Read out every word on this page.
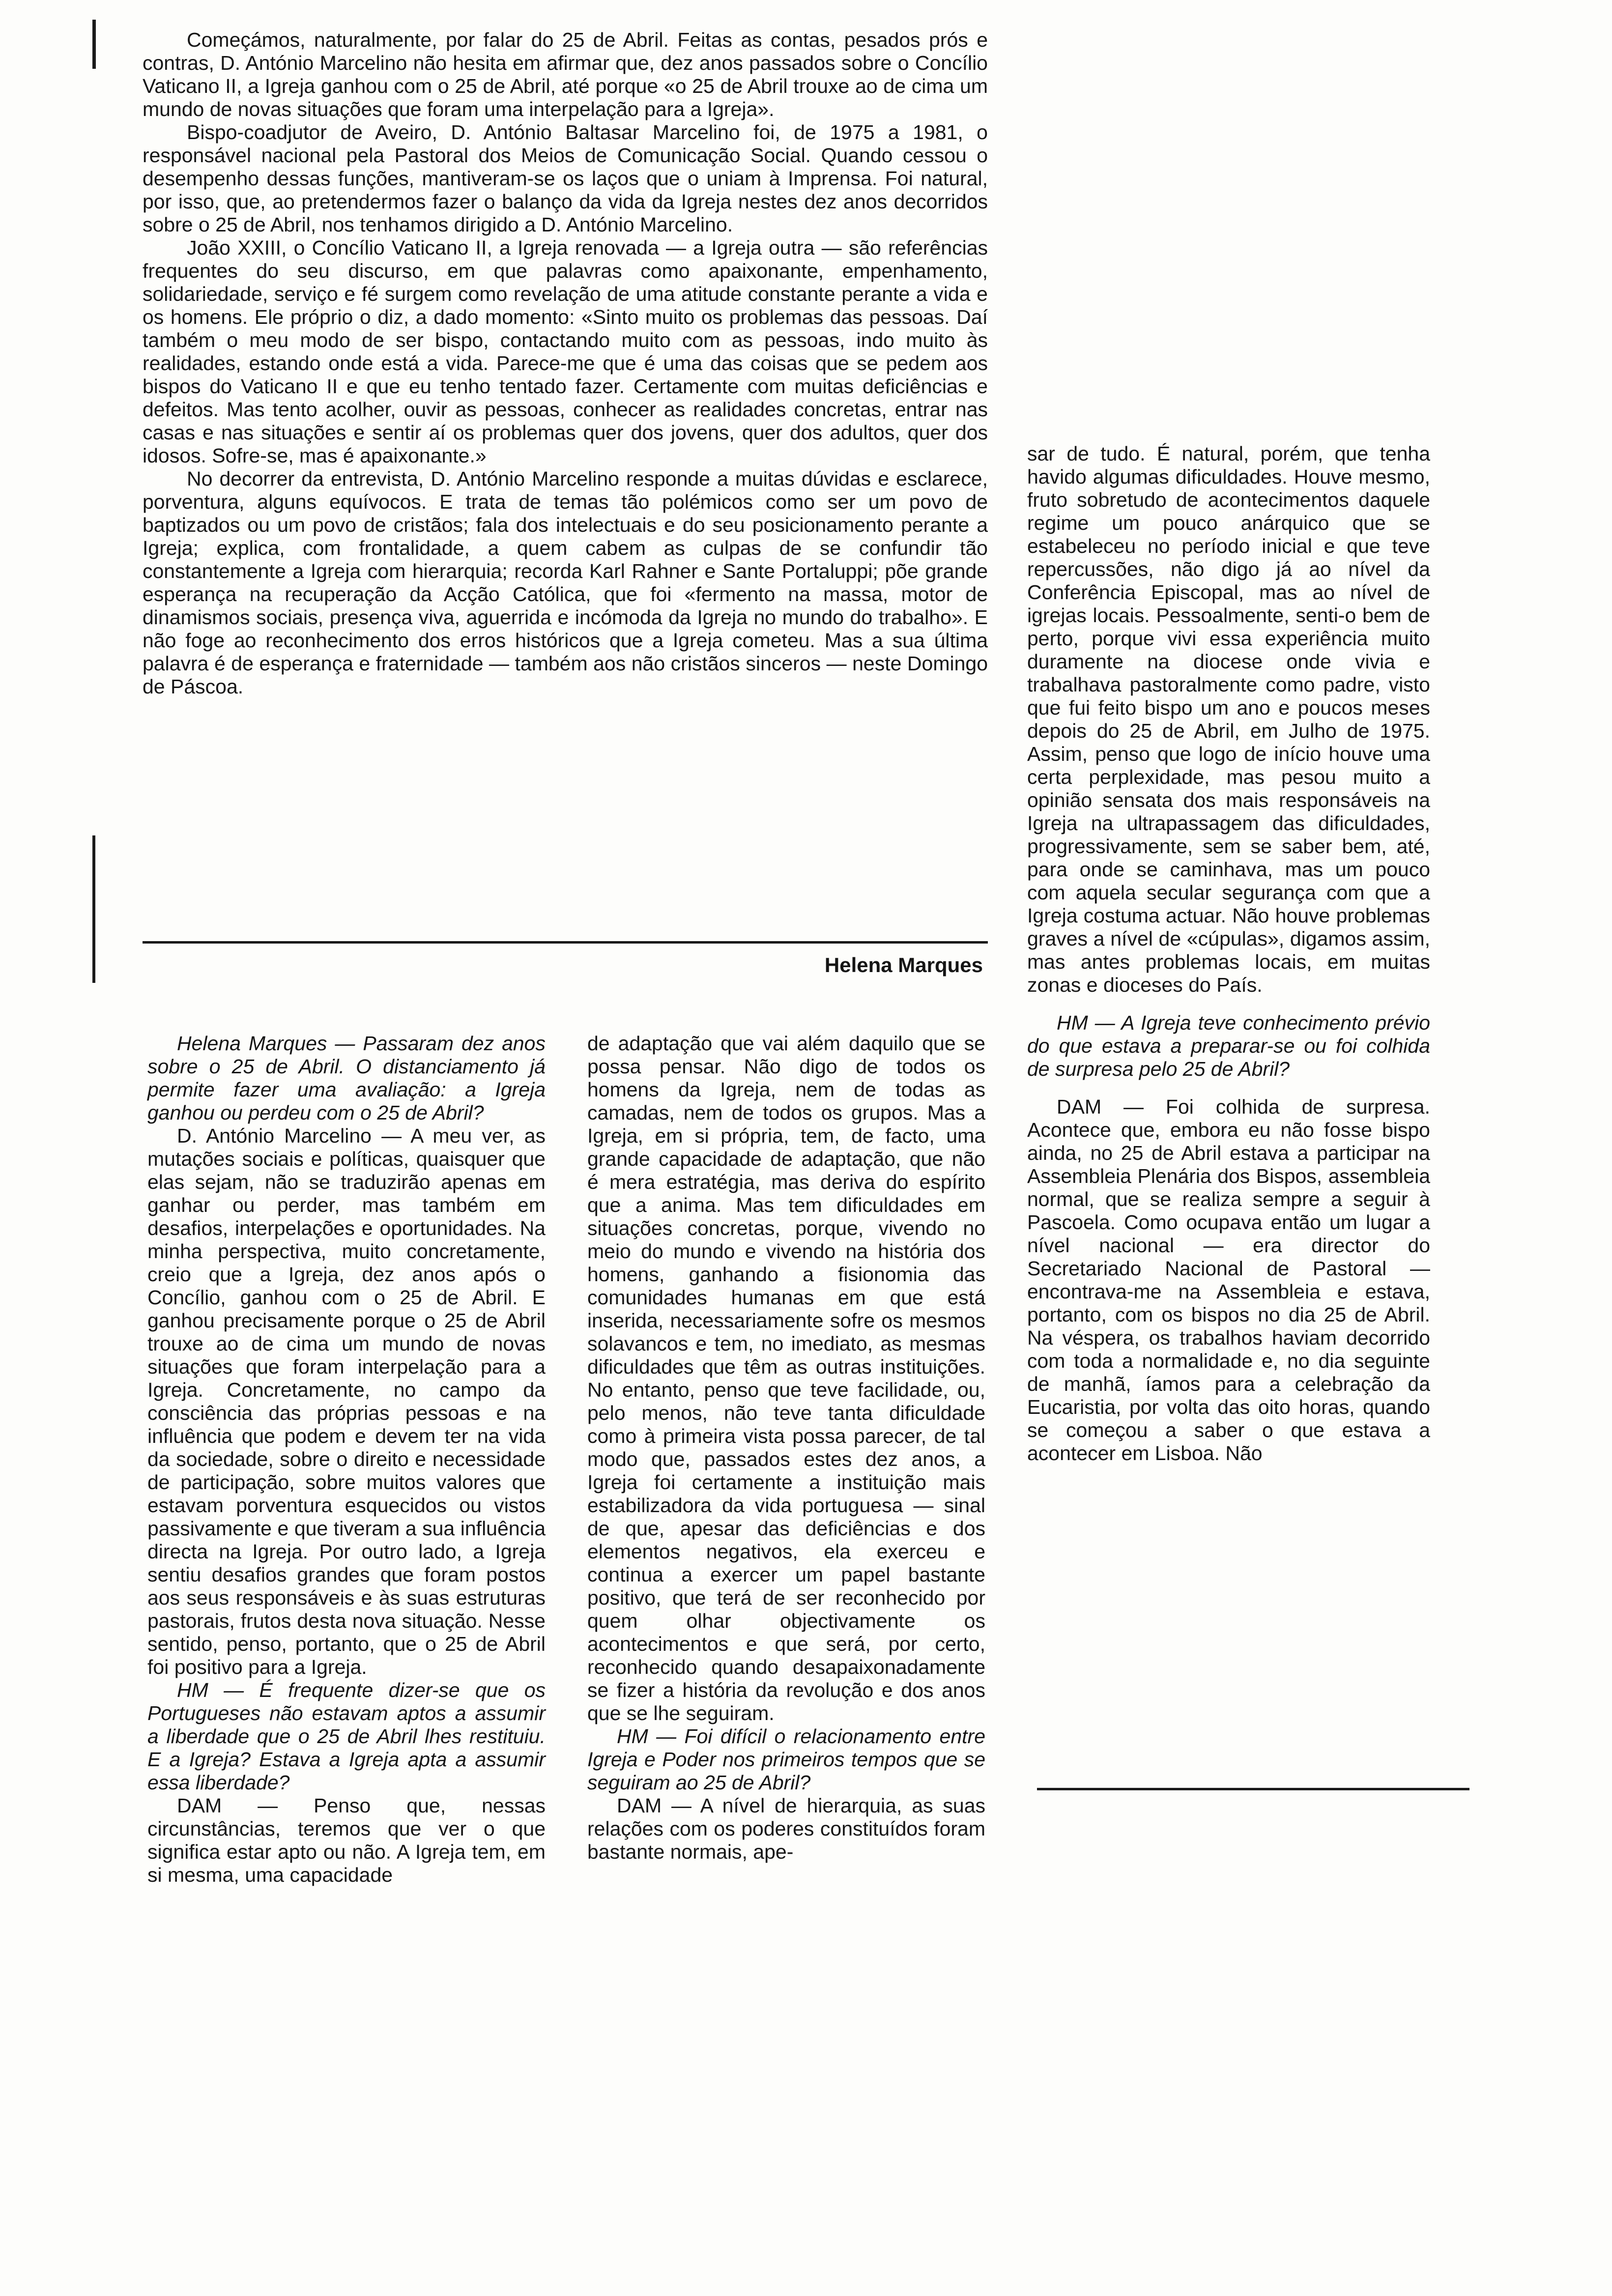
Começámos, naturalmente, por falar do 25 de Abril. Feitas as contas, pesados prós e contras, D. António Marcelino não hesita em afirmar que, dez anos passados sobre o Concílio Vaticano II, a Igreja ganhou com o 25 de Abril, até porque «o 25 de Abril trouxe ao de cima um mundo de novas situações que foram uma interpelação para a Igreja».

Bispo-coadjutor de Aveiro, D. António Baltasar Marcelino foi, de 1975 a 1981, o responsável nacional pela Pastoral dos Meios de Comunicação Social. Quando cessou o desempenho dessas funções, mantiveram-se os laços que o uniam à Imprensa. Foi natural, por isso, que, ao pretendermos fazer o balanço da vida da Igreja nestes dez anos decorridos sobre o 25 de Abril, nos tenhamos dirigido a D. António Marcelino.

João XXIII, o Concílio Vaticano II, a Igreja renovada — a Igreja outra — são referências frequentes do seu discurso, em que palavras como apaixonante, empenhamento, solidariedade, serviço e fé surgem como revelação de uma atitude constante perante a vida e os homens. Ele próprio o diz, a dado momento: «Sinto muito os problemas das pessoas. Daí também o meu modo de ser bispo, contactando muito com as pessoas, indo muito às realidades, estando onde está a vida. Parece-me que é uma das coisas que se pedem aos bispos do Vaticano II e que eu tenho tentado fazer. Certamente com muitas deficiências e defeitos. Mas tento acolher, ouvir as pessoas, conhecer as realidades concretas, entrar nas casas e nas situações e sentir aí os problemas quer dos jovens, quer dos adultos, quer dos idosos. Sofre-se, mas é apaixonante.»

No decorrer da entrevista, D. António Marcelino responde a muitas dúvidas e esclarece, porventura, alguns equívocos. E trata de temas tão polémicos como ser um povo de baptizados ou um povo de cristãos; fala dos intelectuais e do seu posicionamento perante a Igreja; explica, com frontalidade, a quem cabem as culpas de se confundir tão constantemente a Igreja com hierarquia; recorda Karl Rahner e Sante Portaluppi; põe grande esperança na recuperação da Acção Católica, que foi «fermento na massa, motor de dinamismos sociais, presença viva, aguerrida e incómoda da Igreja no mundo do trabalho». E não foge ao reconhecimento dos erros históricos que a Igreja cometeu. Mas a sua última palavra é de esperança e fraternidade — também aos não cristãos sinceros — neste Domingo de Páscoa.

Helena Marques

Helena Marques — Passaram dez anos sobre o 25 de Abril. O distanciamento já permite fazer uma avaliação: a Igreja ganhou ou perdeu com o 25 de Abril?

D. António Marcelino — A meu ver, as mutações sociais e políticas, quaisquer que elas sejam, não se traduzirão apenas em ganhar ou perder, mas também em desafios, interpelações e oportunidades. Na minha perspectiva, muito concretamente, creio que a Igreja, dez anos após o Concílio, ganhou com o 25 de Abril. E ganhou precisamente porque o 25 de Abril trouxe ao de cima um mundo de novas situações que foram interpelação para a Igreja. Concretamente, no campo da consciência das próprias pessoas e na influência que podem e devem ter na vida da sociedade, sobre o direito e necessidade de participação, sobre muitos valores que estavam porventura esquecidos ou vistos passivamente e que tiveram a sua influência directa na Igreja. Por outro lado, a Igreja sentiu desafios grandes que foram postos aos seus responsáveis e às suas estruturas pastorais, frutos desta nova situação. Nesse sentido, penso, portanto, que o 25 de Abril foi positivo para a Igreja.

HM — É frequente dizer-se que os Portugueses não estavam aptos a assumir a liberdade que o 25 de Abril lhes restituiu. E a Igreja? Estava a Igreja apta a assumir essa liberdade?

DAM — Penso que, nessas circunstâncias, teremos que ver o que significa estar apto ou não. A Igreja tem, em si mesma, uma capacidade

de adaptação que vai além daquilo que se possa pensar. Não digo de todos os homens da Igreja, nem de todas as camadas, nem de todos os grupos. Mas a Igreja, em si própria, tem, de facto, uma grande capacidade de adaptação, que não é mera estratégia, mas deriva do espírito que a anima. Mas tem dificuldades em situações concretas, porque, vivendo no meio do mundo e vivendo na história dos homens, ganhando a fisionomia das comunidades humanas em que está inserida, necessariamente sofre os mesmos solavancos e tem, no imediato, as mesmas dificuldades que têm as outras instituições. No entanto, penso que teve facilidade, ou, pelo menos, não teve tanta dificuldade como à primeira vista possa parecer, de tal modo que, passados estes dez anos, a Igreja foi certamente a instituição mais estabilizadora da vida portuguesa — sinal de que, apesar das deficiências e dos elementos negativos, ela exerceu e continua a exercer um papel bastante positivo, que terá de ser reconhecido por quem olhar objectivamente os acontecimentos e que será, por certo, reconhecido quando desapaixonadamente se fizer a história da revolução e dos anos que se lhe seguiram.

HM — Foi difícil o relacionamento entre Igreja e Poder nos primeiros tempos que se seguiram ao 25 de Abril?

DAM — A nível de hierarquia, as suas relações com os poderes constituídos foram bastante normais, ape-

sar de tudo. É natural, porém, que tenha havido algumas dificuldades. Houve mesmo, fruto sobretudo de acontecimentos daquele regime um pouco anárquico que se estabeleceu no período inicial e que teve repercussões, não digo já ao nível da Conferência Episcopal, mas ao nível de igrejas locais. Pessoalmente, senti-o bem de perto, porque vivi essa experiência muito duramente na diocese onde vivia e trabalhava pastoralmente como padre, visto que fui feito bispo um ano e poucos meses depois do 25 de Abril, em Julho de 1975. Assim, penso que logo de início houve uma certa perplexidade, mas pesou muito a opinião sensata dos mais responsáveis na Igreja na ultrapassagem das dificuldades, progressivamente, sem se saber bem, até, para onde se caminhava, mas um pouco com aquela secular segurança com que a Igreja costuma actuar. Não houve problemas graves a nível de «cúpulas», digamos assim, mas antes problemas locais, em muitas zonas e dioceses do País.

HM — A Igreja teve conhecimento prévio do que estava a preparar-se ou foi colhida de surpresa pelo 25 de Abril?

DAM — Foi colhida de surpresa. Acontece que, embora eu não fosse bispo ainda, no 25 de Abril estava a participar na Assembleia Plenária dos Bispos, assembleia normal, que se realiza sempre a seguir à Pascoela. Como ocupava então um lugar a nível nacional — era director do Secretariado Nacional de Pastoral — encontrava-me na Assembleia e estava, portanto, com os bispos no dia 25 de Abril. Na véspera, os trabalhos haviam decorrido com toda a normalidade e, no dia seguinte de manhã, íamos para a celebração da Eucaristia, por volta das oito horas, quando se começou a saber o que estava a acontecer em Lisboa. Não
